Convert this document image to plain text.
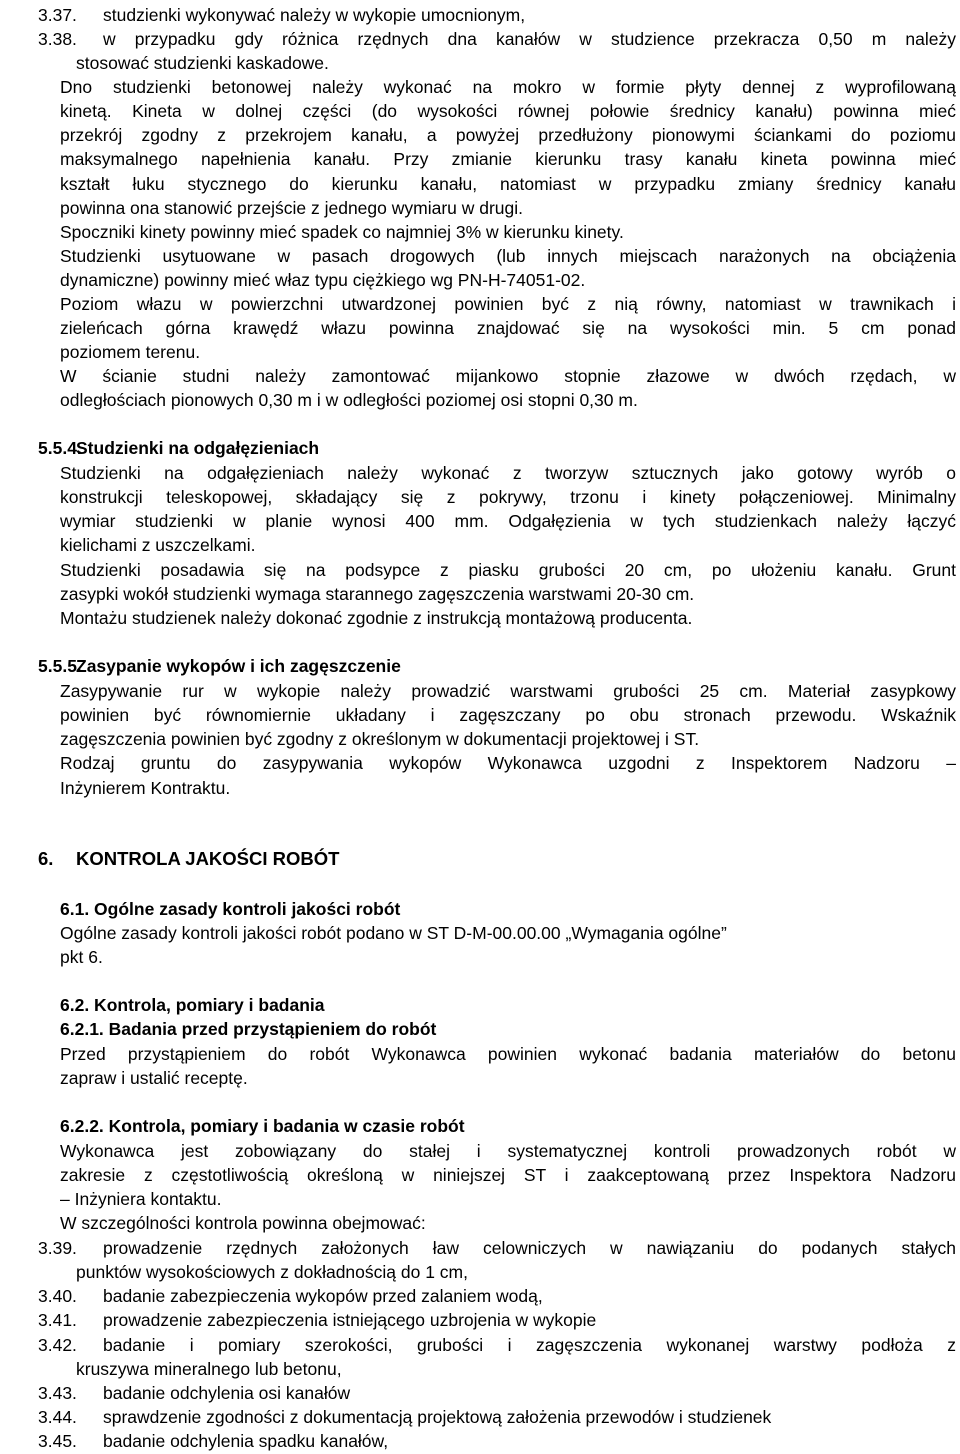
3.37. studzienki wykonywać należy w wykopie umocnionym,
3.38. w przypadku gdy różnica rzędnych dna kanałów w studzience przekracza 0,50 m należy
stosować studzienki kaskadowe.
Dno studzienki betonowej należy wykonać na mokro w formie płyty dennej z wyprofilowaną
kinetą. Kineta w dolnej części (do wysokości równej połowie średnicy kanału) powinna mieć
przekrój zgodny z przekrojem kanału, a powyżej przedłużony pionowymi ściankami do poziomu
maksymalnego napełnienia kanału. Przy zmianie kierunku trasy kanału kineta powinna mieć
kształt łuku stycznego do kierunku kanału, natomiast w przypadku zmiany średnicy kanału
powinna ona stanowić przejście z jednego wymiaru w drugi.
Spoczniki kinety powinny mieć spadek co najmniej 3% w kierunku kinety.
Studzienki usytuowane w pasach drogowych (lub innych miejscach narażonych na obciążenia
dynamiczne) powinny mieć właz typu ciężkiego wg PN-H-74051-02.
Poziom włazu w powierzchni utwardzonej powinien być z nią równy, natomiast w trawnikach i
zieleńcach górna krawędź włazu powinna znajdować się na wysokości min. 5 cm ponad
poziomem terenu.
W ścianie studni należy zamontować mijankowo stopnie złazowe w dwóch rzędach, w
odległościach pionowych 0,30 m i w odległości poziomej osi stopni 0,30 m.
5.5.4.
Studzienki na odgałęzieniach
Studzienki na odgałęzieniach należy wykonać z tworzyw sztucznych jako gotowy wyrób o
konstrukcji teleskopowej, składający się z pokrywy, trzonu i kinety połączeniowej. Minimalny
wymiar studzienki w planie wynosi 400 mm. Odgałęzienia w tych studzienkach należy łączyć
kielichami z uszczelkami.
Studzienki posadawia się na podsypce z piasku grubości 20 cm, po ułożeniu kanału. Grunt
zasypki wokół studzienki wymaga starannego zagęszczenia warstwami 20-30 cm.
Montażu studzienek należy dokonać zgodnie z instrukcją montażową producenta.
5.5.5.
Zasypanie wykopów i ich zagęszczenie
Zasypywanie rur w wykopie należy prowadzić warstwami grubości 25 cm. Materiał zasypkowy
powinien być równomiernie układany i zagęszczany po obu stronach przewodu. Wskaźnik
zagęszczenia powinien być zgodny z określonym w dokumentacji projektowej i ST.
Rodzaj gruntu do zasypywania wykopów Wykonawca uzgodni z Inspektorem Nadzoru –
Inżynierem Kontraktu.
6. KONTROLA JAKOŚCI ROBÓT
6.1. Ogólne zasady kontroli jakości robót
Ogólne zasady kontroli jakości robót podano w ST D-M-00.00.00 „Wymagania ogólne”
pkt 6.
6.2. Kontrola, pomiary i badania
6.2.1. Badania przed przystąpieniem do robót
Przed przystąpieniem do robót Wykonawca powinien wykonać badania materiałów do betonu
zapraw i ustalić receptę.
6.2.2. Kontrola, pomiary i badania w czasie robót
Wykonawca jest zobowiązany do stałej i systematycznej kontroli prowadzonych robót w
zakresie z częstotliwością określoną w niniejszej ST i zaakceptowaną przez Inspektora Nadzoru
– Inżyniera kontaktu.
W szczególności kontrola powinna obejmować:
3.39. prowadzenie rzędnych założonych ław celowniczych w nawiązaniu do podanych stałych
punktów wysokościowych z dokładnością do 1 cm,
3.40. badanie zabezpieczenia wykopów przed zalaniem wodą,
3.41. prowadzenie zabezpieczenia istniejącego uzbrojenia w wykopie
3.42. badanie i pomiary szerokości, grubości i zagęszczenia wykonanej warstwy podłoża z
kruszywa mineralnego lub betonu,
3.43. badanie odchylenia osi kanałów
3.44. sprawdzenie zgodności z dokumentacją projektową założenia przewodów i studzienek
3.45. badanie odchylenia spadku kanałów,
